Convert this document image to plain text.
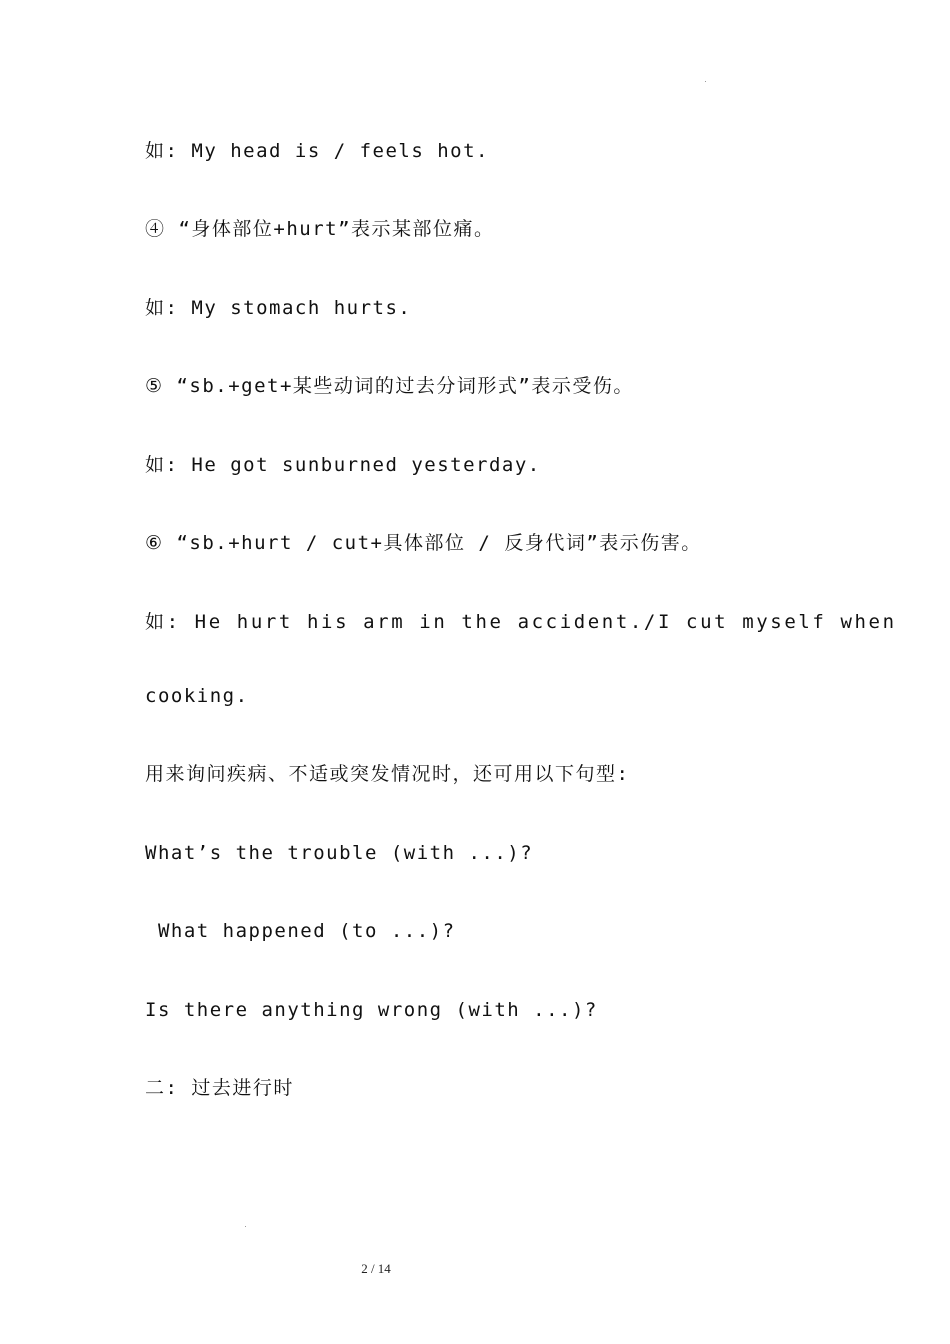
如: My head is / feels hot.
④ “身体部位+hurt”表示某部位痛。
如: My stomach hurts.
⑤ “sb.+get+某些动词的过去分词形式”表示受伤。
如: He got sunburned yesterday.
⑥ “sb.+hurt / cut+具体部位 / 反身代词”表示伤害。
如: He hurt his arm in the accident./I cut myself when
cooking.
用来询问疾病、不适或突发情况时，还可用以下句型:
What’s the trouble (with ...)?
What happened (to ...)?
Is there anything wrong (with ...)?
二: 过去进行时
2 / 14
